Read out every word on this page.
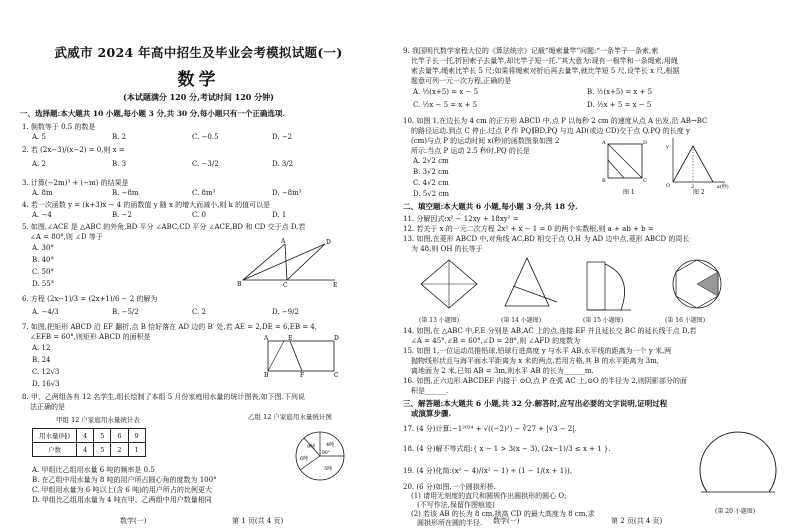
武威市 2024 年高中招生及毕业会考模拟试题(一)
数学
(本试题满分 120 分,考试时间 120 分钟)
一、选择题:本大题共 10 小题,每小题 3 分,共 30 分,每小题只有一个正确选项.
1. 倒数等于 0.5 的数是
A. 5	B. 2	C. −0.5	D. −2
2. 若 (2x−3)/(x−2) = 0,则 x =
A. 2	B. 3	C. −3/2	D. 3/2
3. 计算(−2m)³ + (−m) 的结果是
A. 8m	B. −8m	C. 8m³	D. −8m³
4. 若一次函数 y = (k+3)x − 4 的函数值 y 随 x 的增大而减小,则 k 的值可以是
A. −4	B. −2	C. 0	D. 1
5. 如图,∠ACE 是 △ABC 的外角,BD 平分 ∠ABC,CD 平分 ∠ACE,BD 和 CD 交于点 D,若
∠A = 80°,则 ∠D 等于
A. 30°
B. 40°
C. 50°
D. 55°
A
B	C	E
D
6. 方程 (2x−1)/3 = (2x+1)/6 − 2 的解为
A. −4/3	B. −5/2	C. 2	D. −9/2
7. 如图,把矩形 ABCD 沿 EF 翻折,点 B 恰好落在 AD 边的 B′ 处,若 AE = 2,DE = 6,EB = 4,
∠EFB = 60°,则矩形 ABCD 的面积是
A. 12
B. 24
C. 12√3
D. 16√3
A	E	D
B	F	C
8. 甲、乙两组各有 12 名学生,组长绘制了本组 5 月份家庭用水量的统计图表,如下图.下列说
法正确的是
甲组 12 户家庭用水量统计表
用水量(吨)	4	5	6	9
户数	4	5	2	1
乙组 12 户家庭用水量统计图
4吨
5吨
6吨
9吨
90°
A. 甲组比乙组用水量 6 吨的频率是 0.5
B. 在乙组中用水量为 8 吨的用户所占圆心角的度数为 100°
C. 甲组用水量为 6 吨以上(含 6 吨)的用户所占的比例更大
D. 甲组比乙组用水量为 4 吨在甲、乙两组中用户数量相同
数学(一)	第 1 页(共 4 页)
9. 我国明代数学家程大位的《算法统宗》记载“绳索量竿”问题:“一条竿子一条索,索
比竿子长一托,折回索子去量竿,却比竿子短一托.”其大意为:现有一根竿和一条绳索,用绳
索去量竿,绳索比竿长 5 尺;如果将绳索对折后再去量竿,就比竿短 5 尺,设竿长 x 尺,根据
题意可列一元一次方程,正确的是
A. ½(x+5) = x − 5	B. ½(x+5) = x + 5
C. ½x − 5 = x + 5	D. ½x + 5 = x − 5
10. 如图 1,在边长为 4 cm 的正方形 ABCD 中,点 P 以每秒 2 cm 的速度从点 A 出发,沿 AB→BC
的路径运动,到点 C 停止.过点 P 作 PQ∥BD,PQ 与边 AD(或边 CD)交于点 Q,PQ 的长度 y
(cm)与点 P 的运动时间 x(秒)的函数图象如图 2
所示.当点 P 运动 2.5 秒时,PQ 的长是
A. 2√2 cm
B. 3√2 cm
C. 4√2 cm
D. 5√2 cm
A	D
B	C
图 1
O	2	x(秒)
y
图 2
二、填空题:本大题共 6 小题,每小题 3 分,共 18 分.
11. 分解因式:x² − 12xy + 18xy² =
12. 若关于 x 的一元二次方程 2x² + x − 1 = 0 的两个实数根,则 a + ab + b =
13. 如图,在菱形 ABCD 中,对角线 AC,BD 相交于点 O,H 为 AD 边中点,菱形 ABCD 的周长
为 48,则 OH 的长等于
(第 13 小题图)	(第 14 小题图)	(第 15 小题图)	(第 16 小题图)
14. 如图,在 △ABC 中,F,E 分别是 AB,AC 上的点,连接 EF 并且延长交 BC 的延长线于点 D,若
∠A = 45°,∠B = 60°,∠D = 28°,则 ∠AFD 的度数为
15. 如图 1,一位运动员推铅球,铅球行进高度 y 与水平 AB,水平线的距离为一个 y 米,两
抛物线形状且与海平面水平距离为 x 米的两点,若用方格,其 B 的水平距离为 3m,
离地面为 2 米,已知 AB = 3m,则水平 AB 的长为______m.
16. 如图,正六边形 ABCDEF 内接于 ⊙O,点 P 在弧 AC 上,⊙O 的半径为 2,则阴影部分的面
积是______.
三、解答题:本大题共 6 小题,共 32 分.解答时,应写出必要的文字说明,证明过程
或演算步骤.
17. (4 分)计算:−1²⁰²⁴ + √((−2)²) − ∛27 + |√3 − 2|.
18. (4 分)解不等式组:{ x − 1 > 3(x − 3), (2x−1)/3 ≤ x + 1 }.
19. (4 分)化简:(x² − 4)/(x² − 1) ÷ (1 − 1/(x + 1)).
20. (6 分)如图,一个圆拱形桥.
(1) 请用无刻度的直尺和圆规作出圆拱形的圆心 O;
(不写作法,保留作图痕迹)
(2) 若该 AB 的长为 8 cm,拱高 CD 的最大高度为 8 cm,求
圆拱形所在圆的半径.
(第 20 小题图)
数学(一)	第 2 页(共 4 页)
